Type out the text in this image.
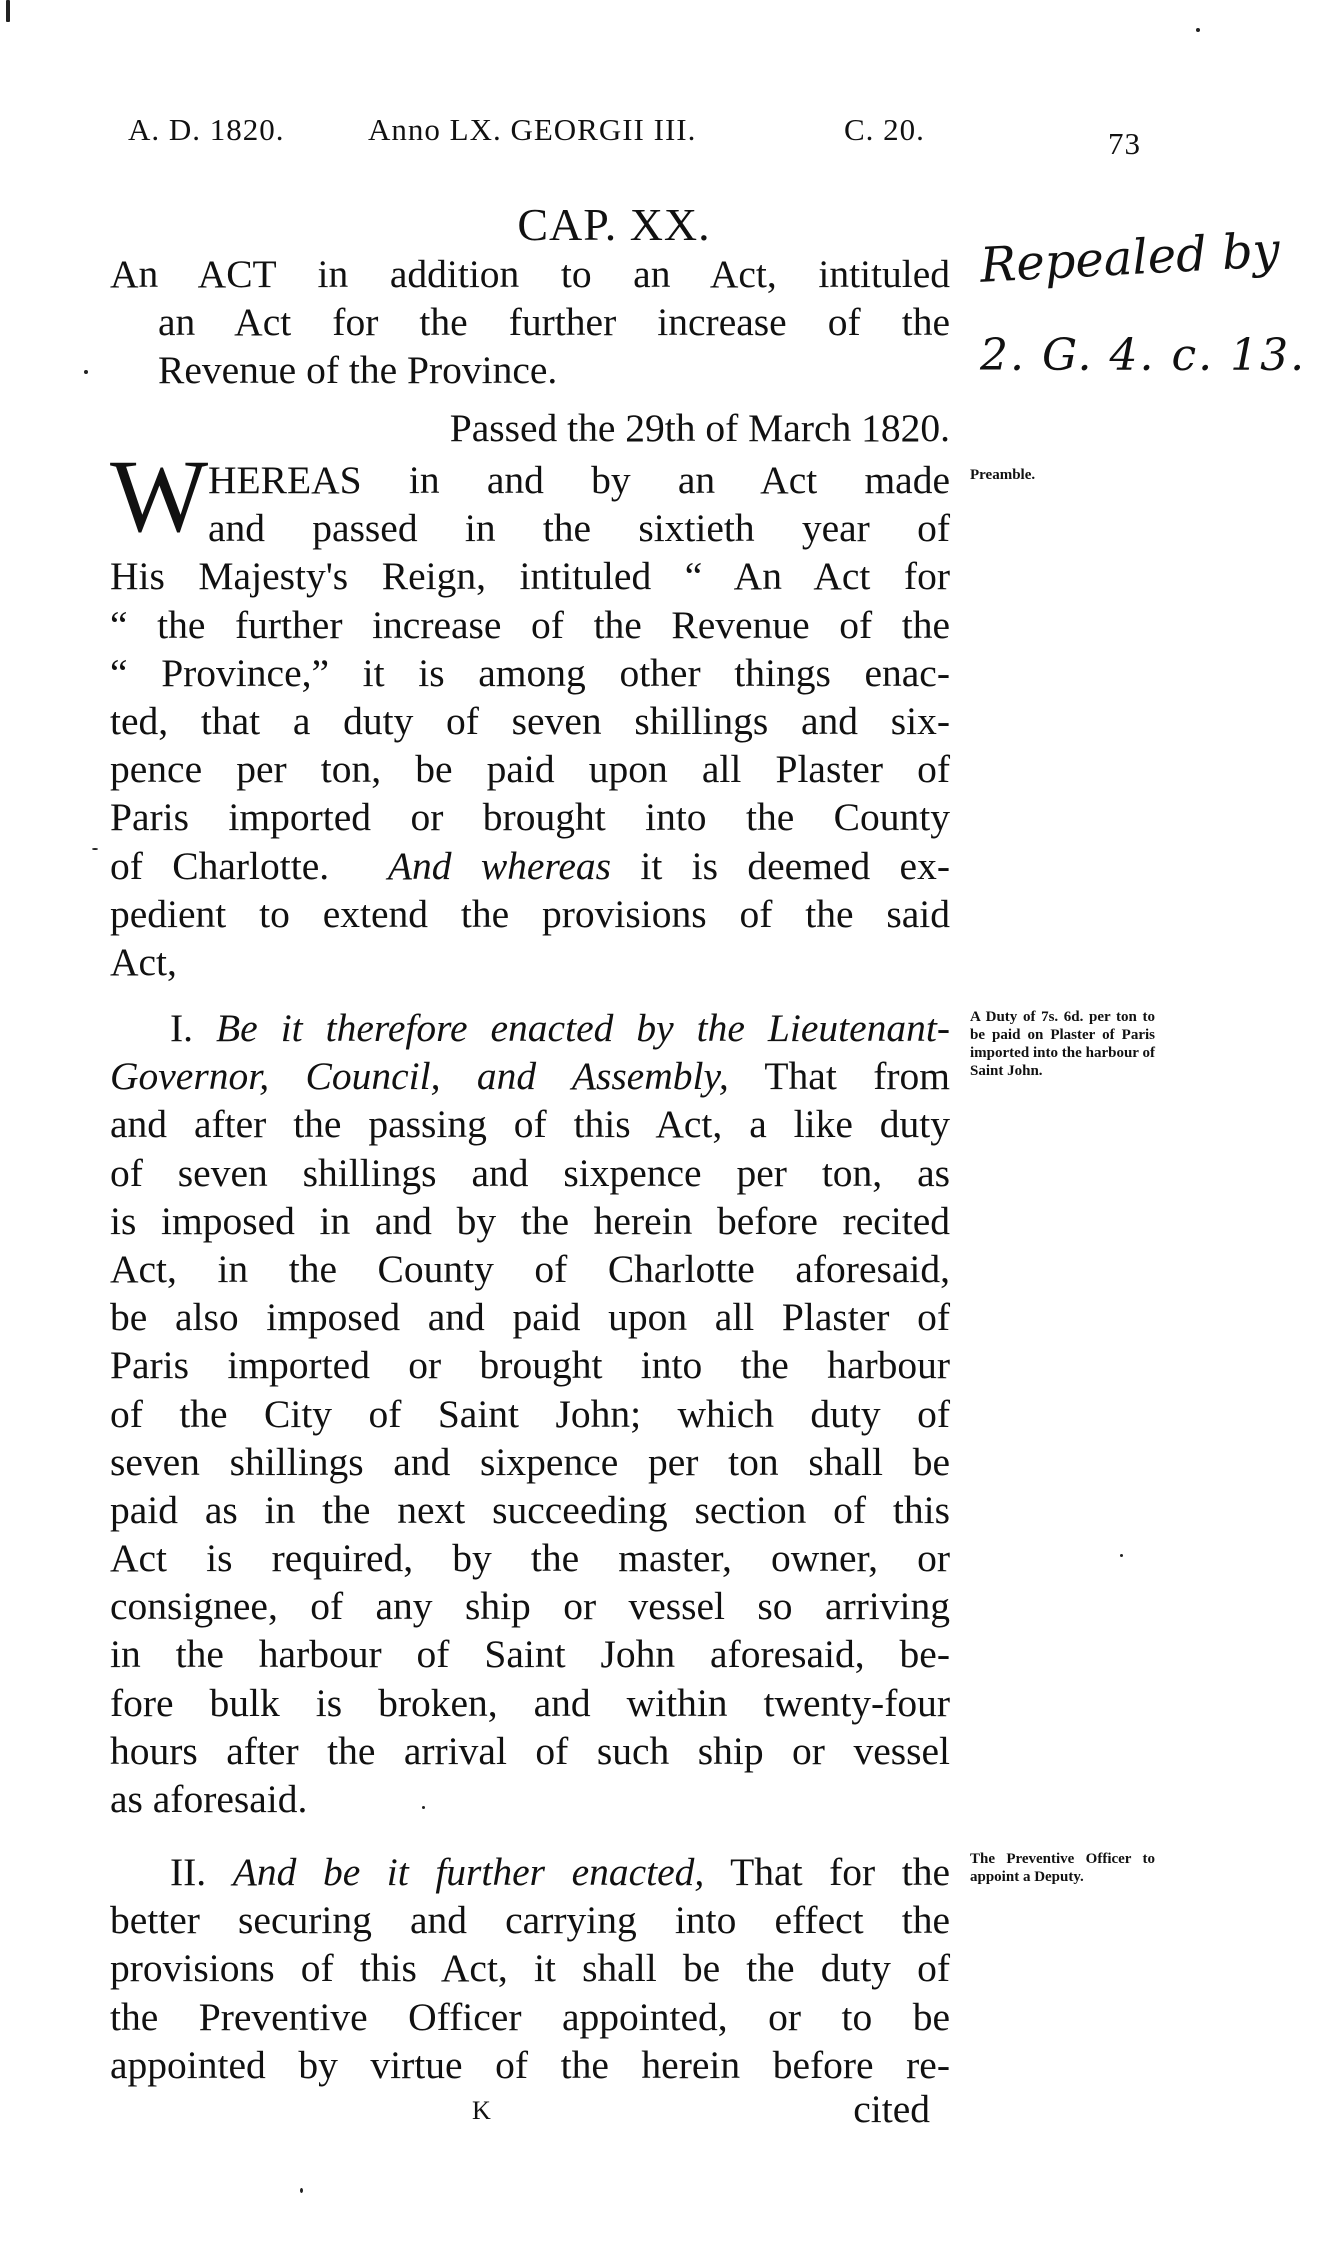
A. D. 1820.	Anno LX. GEORGII III.	C. 20.	73
CAP. XX.
An ACT in addition to an Act, intituled
an Act for the further increase of the
Revenue of the Province.
Passed the 29th of March 1820.
Repealed by
2. G. 4. c. 13.
W HEREAS in and by an Act made
and passed in the sixtieth year of
His Majesty's Reign, intituled “ An Act for
“ the further increase of the Revenue of the
“ Province,” it is among other things enac-
ted, that a duty of seven shillings and six-
pence per ton, be paid upon all Plaster of
Paris imported or brought into the County
of Charlotte. And whereas it is deemed ex-
pedient to extend the provisions of the said
Act,
Preamble.
I. Be it therefore enacted by the Lieutenant-
Governor, Council, and Assembly, That from
and after the passing of this Act, a like duty
of seven shillings and sixpence per ton, as
is imposed in and by the herein before recited
Act, in the County of Charlotte aforesaid,
be also imposed and paid upon all Plaster of
Paris imported or brought into the harbour
of the City of Saint John; which duty of
seven shillings and sixpence per ton shall be
paid as in the next succeeding section of this
Act is required, by the master, owner, or
consignee, of any ship or vessel so arriving
in the harbour of Saint John aforesaid, be-
fore bulk is broken, and within twenty-four
hours after the arrival of such ship or vessel
as aforesaid.
A Duty of 7s. 6d. per ton to be paid on Plaster of Paris imported into the harbour of Saint John.
II. And be it further enacted, That for the
better securing and carrying into effect the
provisions of this Act, it shall be the duty of
the Preventive Officer appointed, or to be
appointed by virtue of the herein before re-
The Preventive Officer to appoint a Deputy.
K	cited
